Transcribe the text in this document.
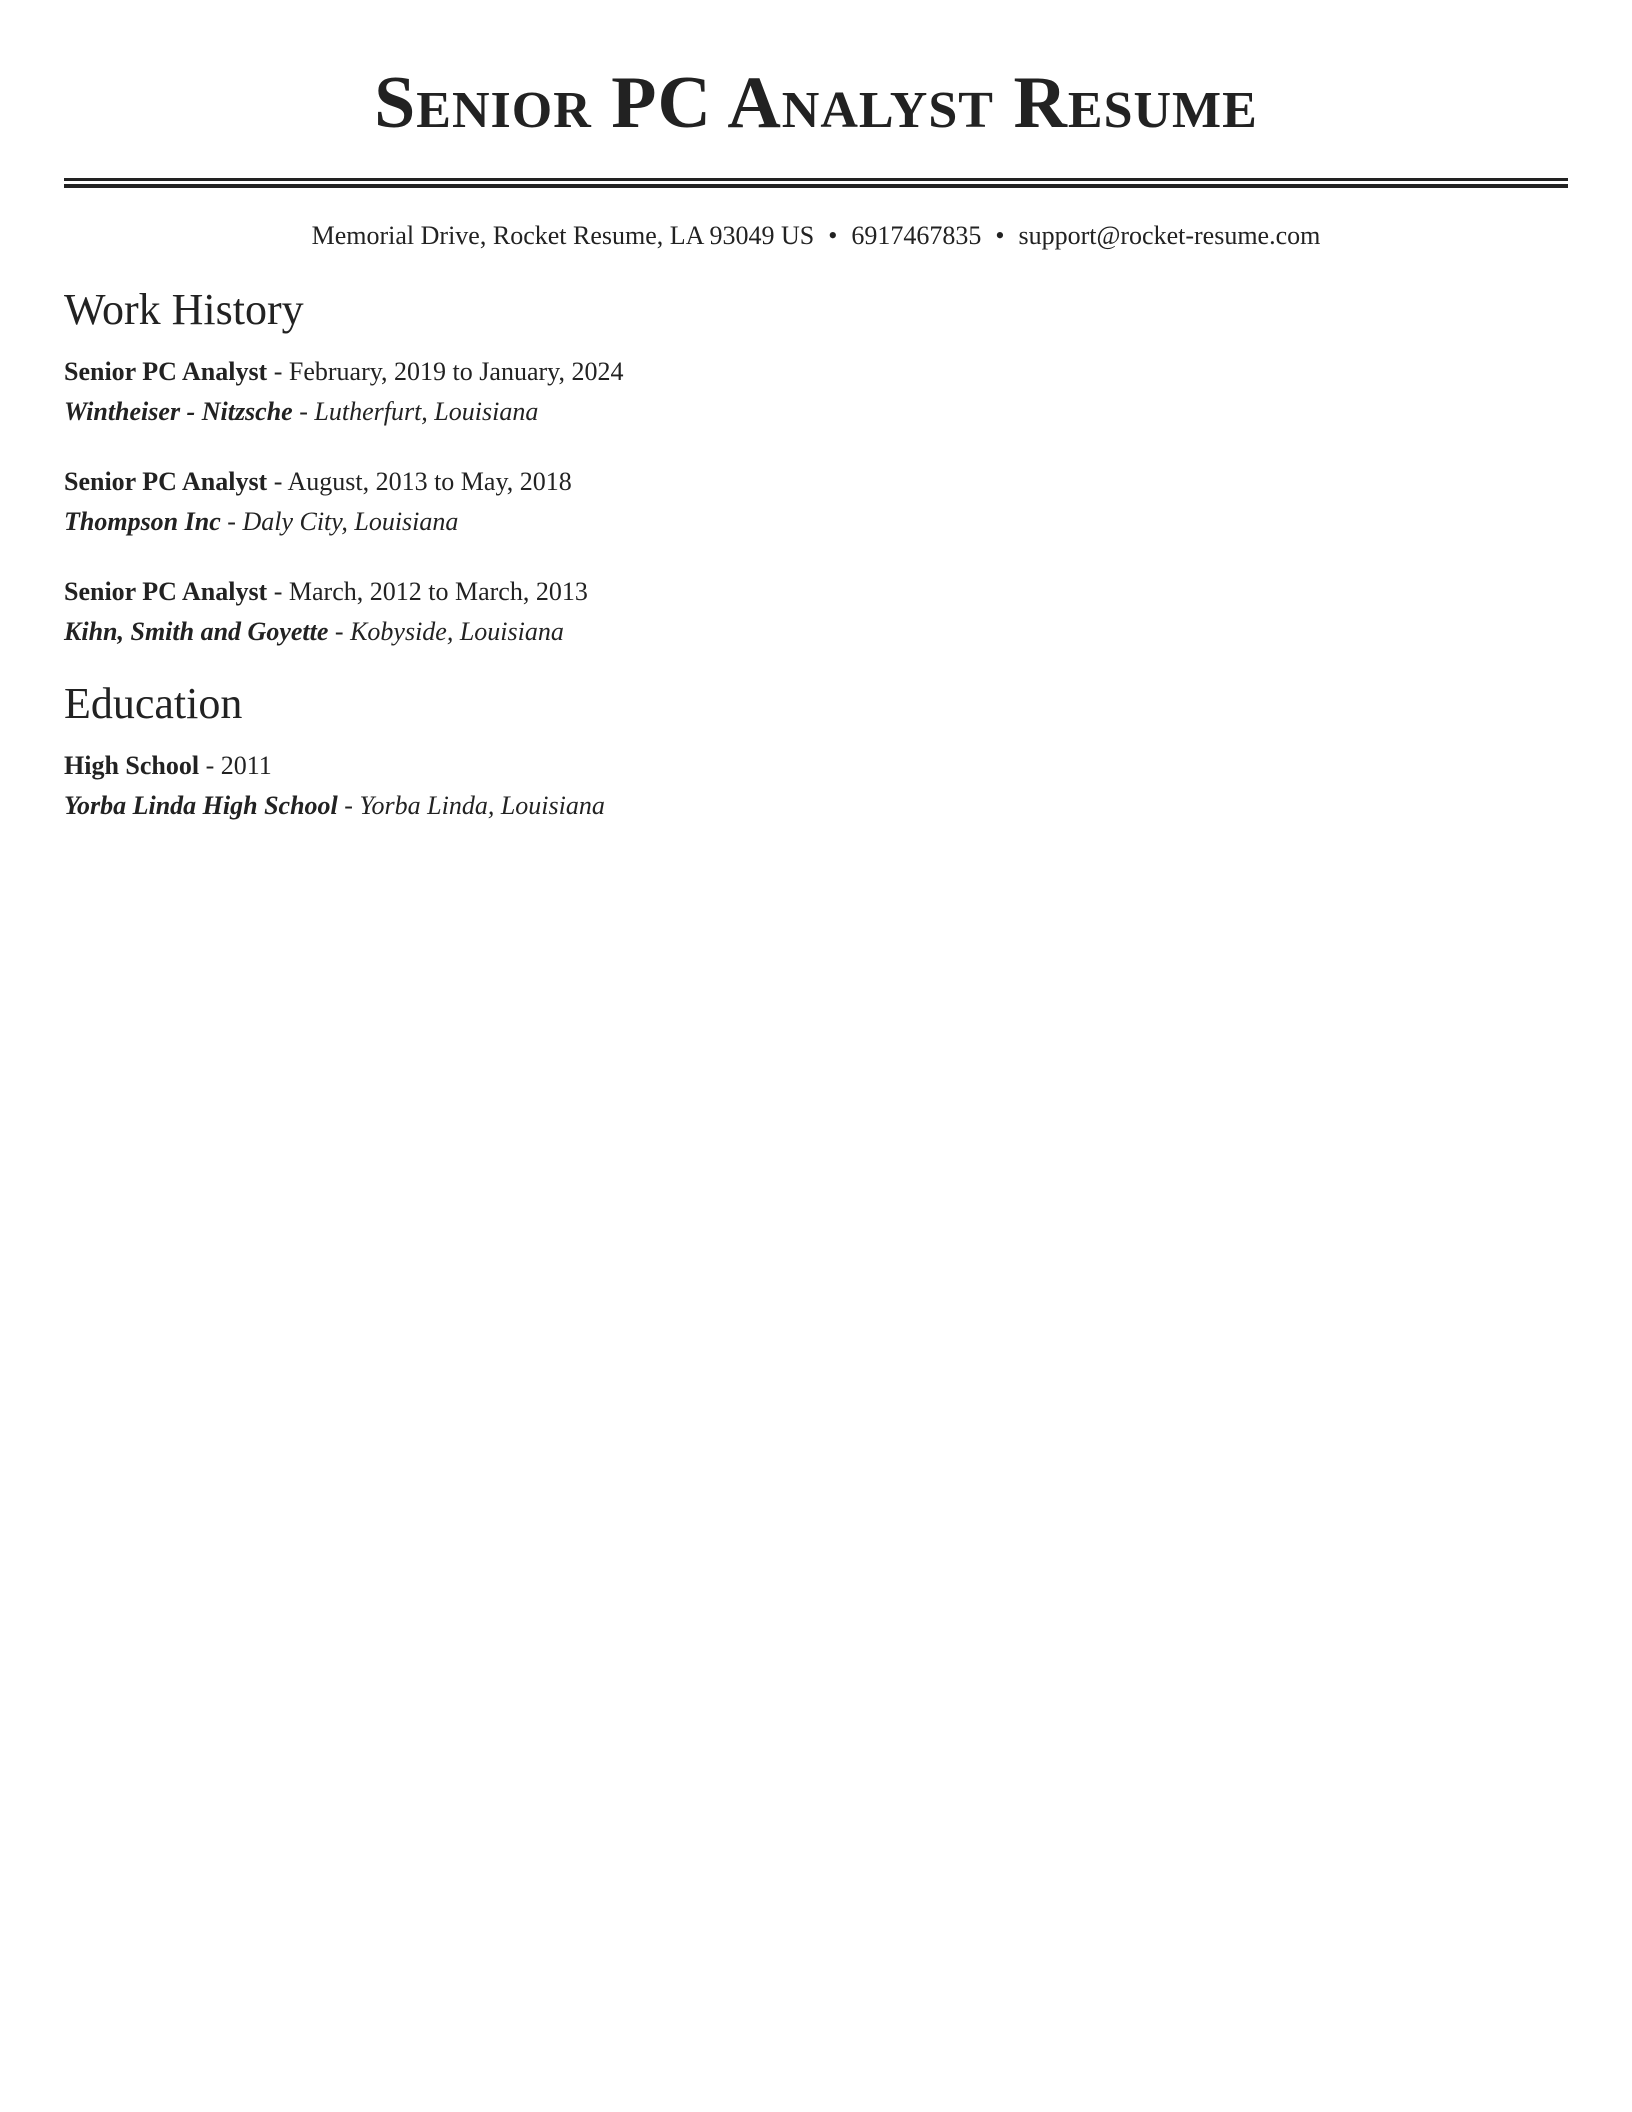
Senior PC Analyst Resume
Memorial Drive, Rocket Resume, LA 93049 US • 6917467835 • support@rocket-resume.com
Work History
Senior PC Analyst - February, 2019 to January, 2024
Wintheiser - Nitzsche - Lutherfurt, Louisiana
Senior PC Analyst - August, 2013 to May, 2018
Thompson Inc - Daly City, Louisiana
Senior PC Analyst - March, 2012 to March, 2013
Kihn, Smith and Goyette - Kobyside, Louisiana
Education
High School - 2011
Yorba Linda High School - Yorba Linda, Louisiana
